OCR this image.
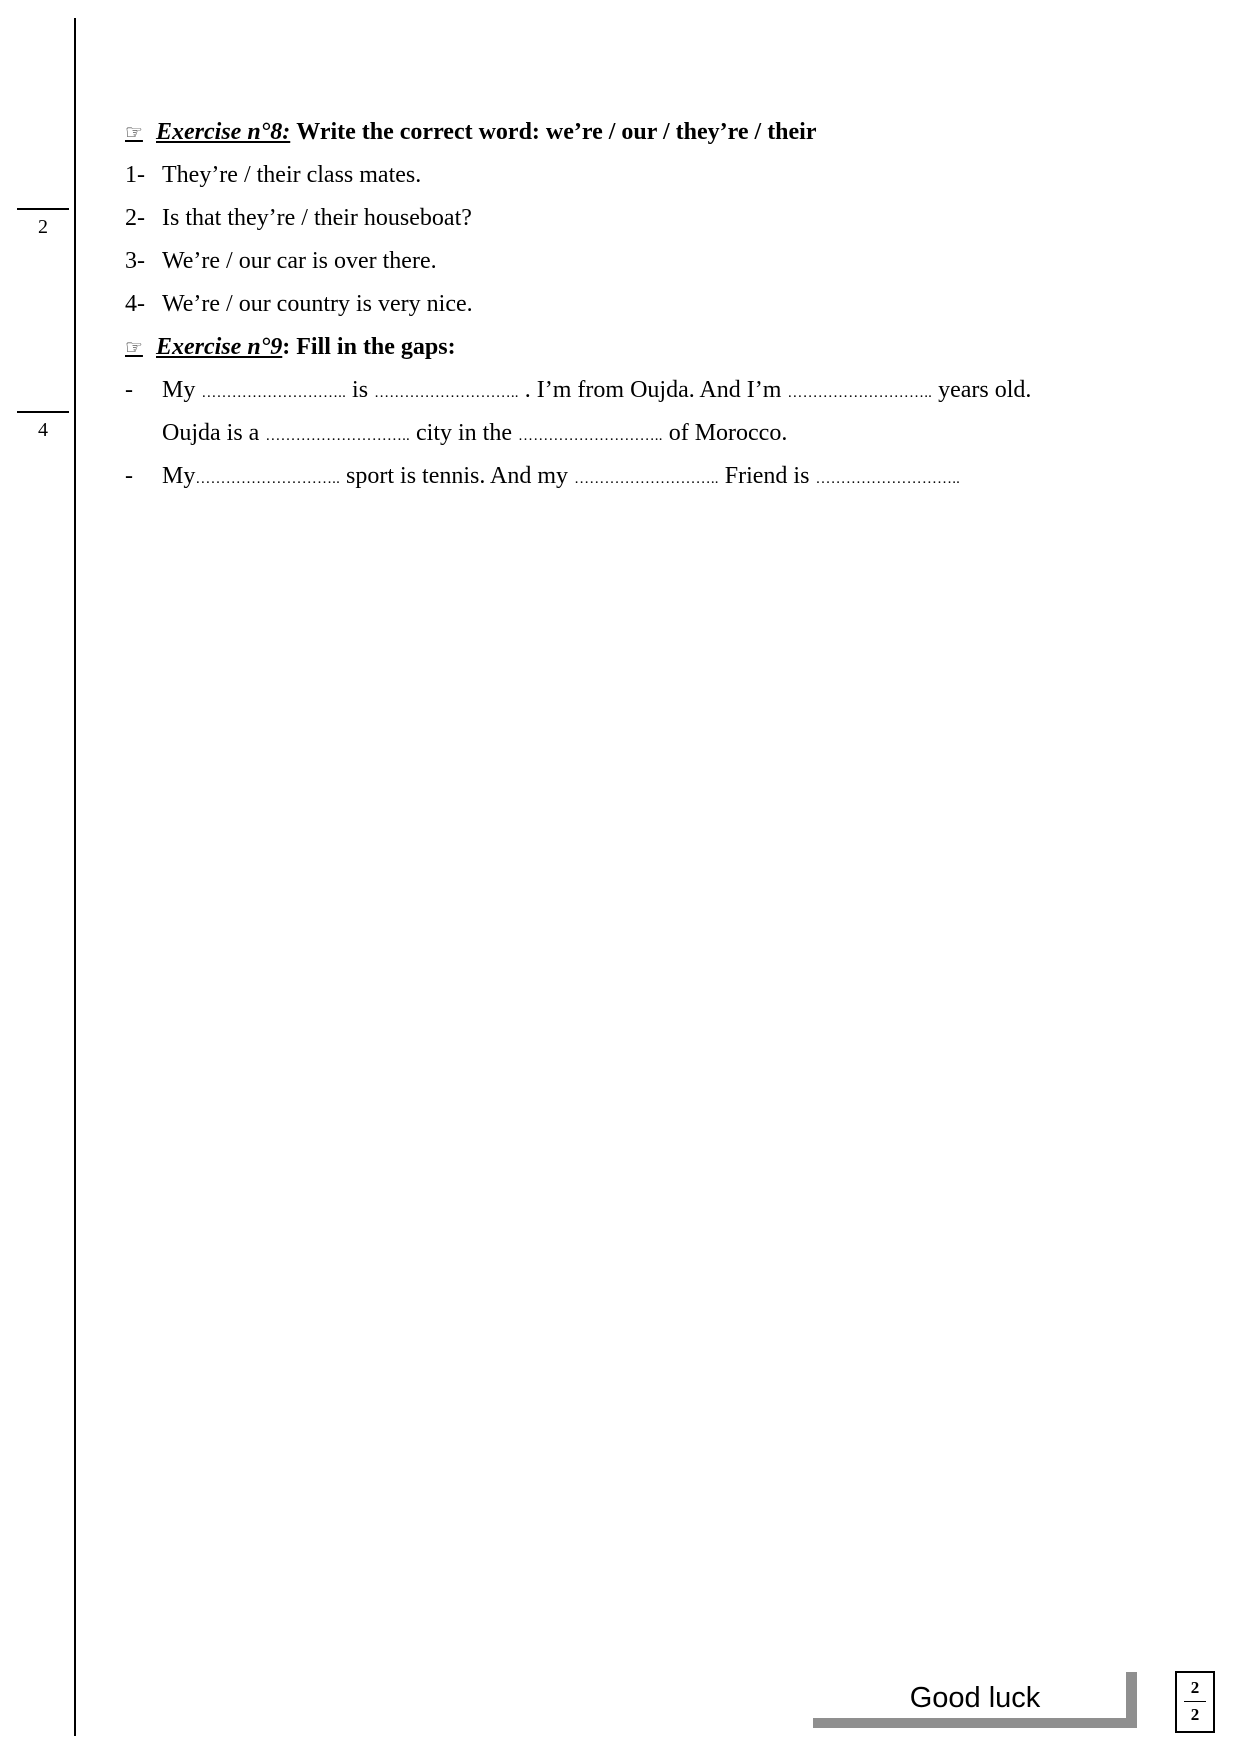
2
4
☞ Exercise n°8: Write the correct word: we’re / our / they’re / their
1- They’re / their class mates.
2- Is that they’re / their houseboat?
3- We’re / our car is over there.
4- We’re / our country is very nice.
☞ Exercise n°9: Fill in the gaps:
- My ……………………….. is ……………………….. . I’m from Oujda. And I’m ……………………….. years old.
Oujda is a ……………………….. city in the ……………………….. of Morocco.
- My……………………….. sport is tennis. And my ……………………….. Friend is ………………………..
Good luck	2
2
